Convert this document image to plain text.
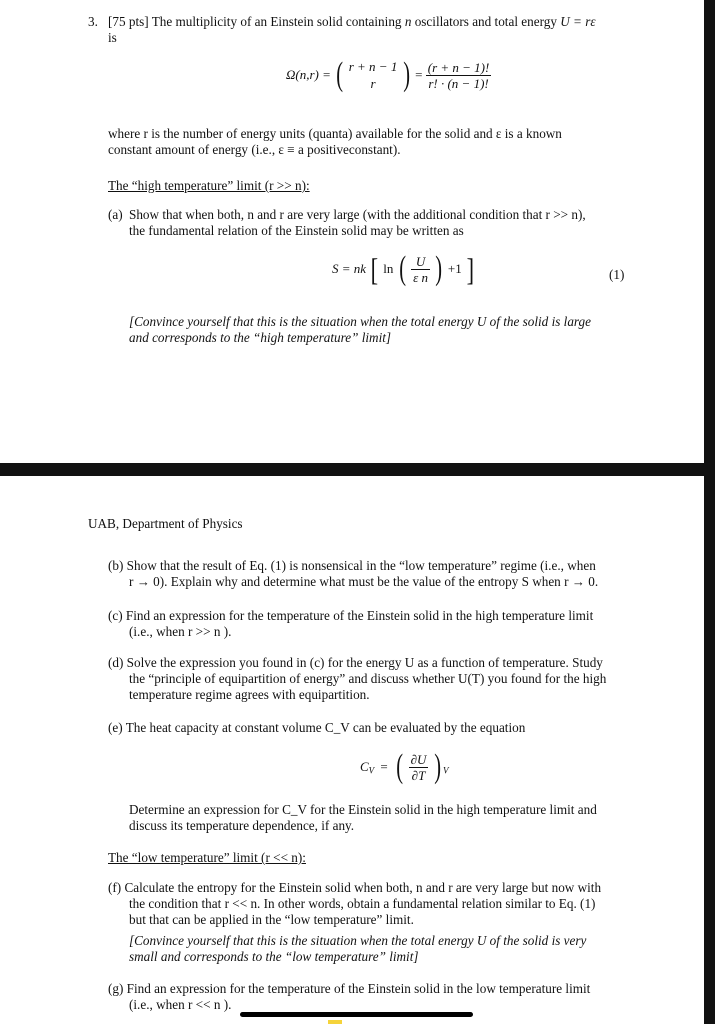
3. [75 pts] The multiplicity of an Einstein solid containing n oscillators and total energy U = rε
is
Ω(n,r) = ( r + n − 1
r ) = $\frac{(r + n - 1)!}{r! \cdot (n - 1)!}$
where r is the number of energy units (quanta) available for the solid and ε is a known
constant amount of energy (i.e., ε ≡ a positiveconstant).
The “high temperature” limit (r >> n):
(a) Show that when both, n and r are very large (with the additional condition that r >> n),
the fundamental relation of the Einstein solid may be written as
S = nk [ ln ( $\frac{U}{\text{ε n}}$ ) +1 ]	(1)
[Convince yourself that this is the situation when the total energy U of the solid is large
and corresponds to the “high temperature” limit]
UAB, Department of Physics
(b) Show that the result of Eq. (1) is nonsensical in the “low temperature” regime (i.e., when
r → 0). Explain why and determine what must be the value of the entropy S when r → 0.
(c) Find an expression for the temperature of the Einstein solid in the high temperature limit
(i.e., when r >> n ).
(d) Solve the expression you found in (c) for the energy U as a function of temperature. Study
the “principle of equipartition of energy” and discuss whether U(T) you found for the high
temperature regime agrees with equipartition.
(e) The heat capacity at constant volume C_V can be evaluated by the equation
$C_V$ = ( $\frac{\partial U}{\partial T}$ ) $_V$
Determine an expression for C_V for the Einstein solid in the high temperature limit and
discuss its temperature dependence, if any.
The “low temperature” limit (r << n):
(f) Calculate the entropy for the Einstein solid when both, n and r are very large but now with
the condition that r << n. In other words, obtain a fundamental relation similar to Eq. (1)
but that can be applied in the “low temperature” limit.
[Convince yourself that this is the situation when the total energy U of the solid is very
small and corresponds to the “low temperature” limit]
(g) Find an expression for the temperature of the Einstein solid in the low temperature limit
(i.e., when r << n ).
